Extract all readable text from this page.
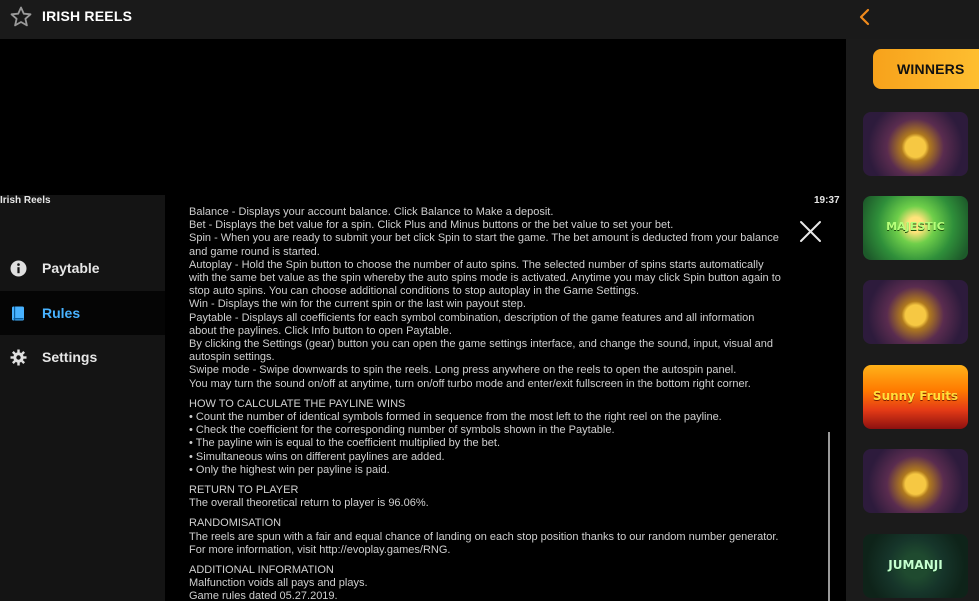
IRISH REELS
Irish Reels
Paytable
Rules
Settings
19:37

Balance - Displays your account balance. Click Balance to Make a deposit.

Bet - Displays the bet value for a spin. Click Plus and Minus buttons or the bet value to set your bet.

Spin - When you are ready to submit your bet click Spin to start the game. The bet amount is deducted from your balance

and game round is started.

Autoplay - Hold the Spin button to choose the number of auto spins. The selected number of spins starts automatically

with the same bet value as the spin whereby the auto spins mode is activated. Anytime you may click Spin button again to

stop auto spins. You can choose additional conditions to stop autoplay in the Game Settings.

Win - Displays the win for the current spin or the last win payout step.

Paytable - Displays all coefficients for each symbol combination, description of the game features and all information

about the paylines. Click Info button to open Paytable.

By clicking the Settings (gear) button you can open the game settings interface, and change the sound, input, visual and

autospin settings.

Swipe mode - Swipe downwards to spin the reels. Long press anywhere on the reels to open the autospin panel.

You may turn the sound on/off at anytime, turn on/off turbo mode and enter/exit fullscreen in the bottom right corner.

HOW TO CALCULATE THE PAYLINE WINS

• Count the number of identical symbols formed in sequence from the most left to the right reel on the payline.

• Check the coefficient for the corresponding number of symbols shown in the Paytable.

• The payline win is equal to the coefficient multiplied by the bet.

• Simultaneous wins on different paylines are added.

• Only the highest win per payline is paid.

RETURN TO PLAYER

The overall theoretical return to player is 96.06%.

RANDOMISATION

The reels are spun with a fair and equal chance of landing on each stop position thanks to our random number generator.

For more information, visit http://evoplay.games/RNG.

ADDITIONAL INFORMATION

Malfunction voids all pays and plays.

Game rules dated 05.27.2019.

WINNERS
MAJESTIC
Sunny Fruits
JUMANJI
